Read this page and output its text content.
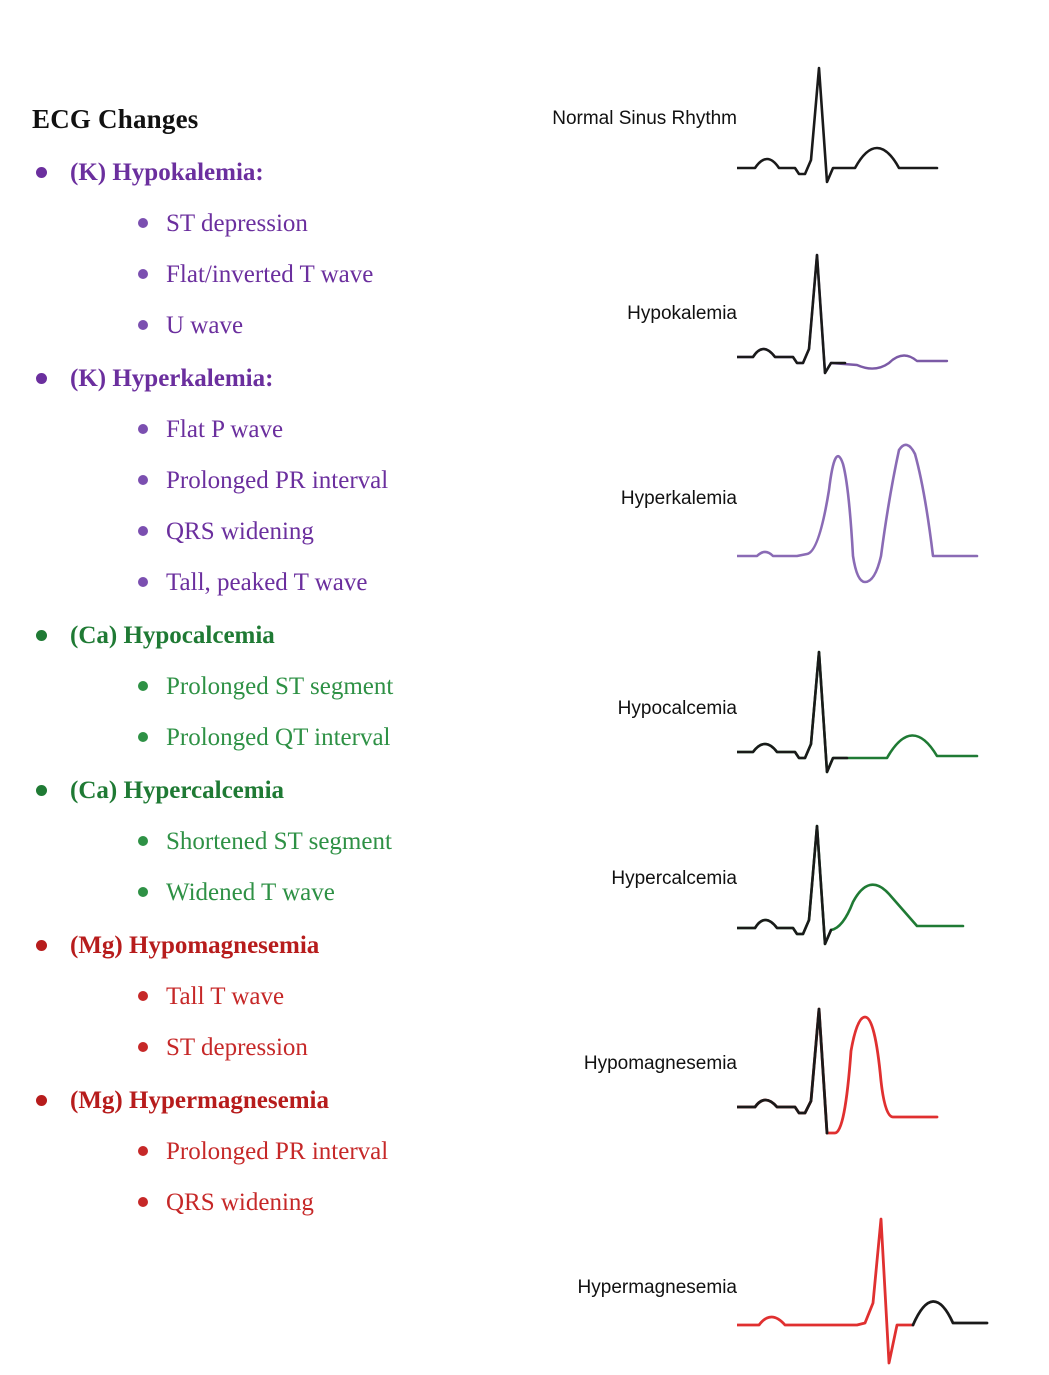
ECG Changes
(K) Hypokalemia:
ST depression
Flat/inverted T wave
U wave
(K) Hyperkalemia:
Flat P wave
Prolonged PR interval
QRS widening
Tall, peaked T wave
(Ca) Hypocalcemia
Prolonged ST segment
Prolonged QT interval
(Ca) Hypercalcemia
Shortened ST segment
Widened T wave
(Mg) Hypomagnesemia
Tall T wave
ST depression
(Mg) Hypermagnesemia
Prolonged PR interval
QRS widening
Normal Sinus Rhythm
Hypokalemia
Hyperkalemia
Hypocalcemia
Hypercalcemia
Hypomagnesemia
Hypermagnesemia
